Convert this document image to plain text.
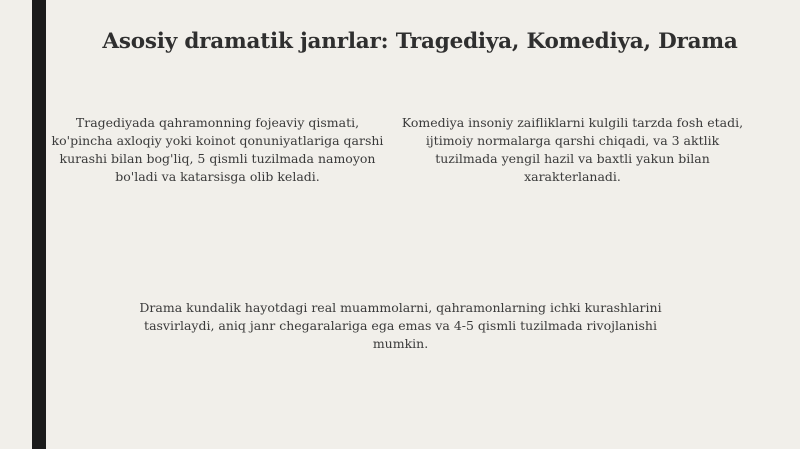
Asosiy dramatik janrlar: Tragediya, Komediya, Drama

Tragediyada qahramonning fojeaviy qismati, ko'pincha axloqiy yoki koinot qonuniyatlariga qarshi kurashi bilan bog'liq, 5 qismli tuzilmada namoyon bo'ladi va katarsisga olib keladi.

Komediya insoniy zaifliklarni kulgili tarzda fosh etadi, ijtimoiy normalarga qarshi chiqadi, va 3 aktlik tuzilmada yengil hazil va baxtli yakun bilan xarakterlanadi.

Drama kundalik hayotdagi real muammolarni, qahramonlarning ichki kurashlarini tasvirlaydi, aniq janr chegaralariga ega emas va 4-5 qismli tuzilmada rivojlanishi mumkin.
